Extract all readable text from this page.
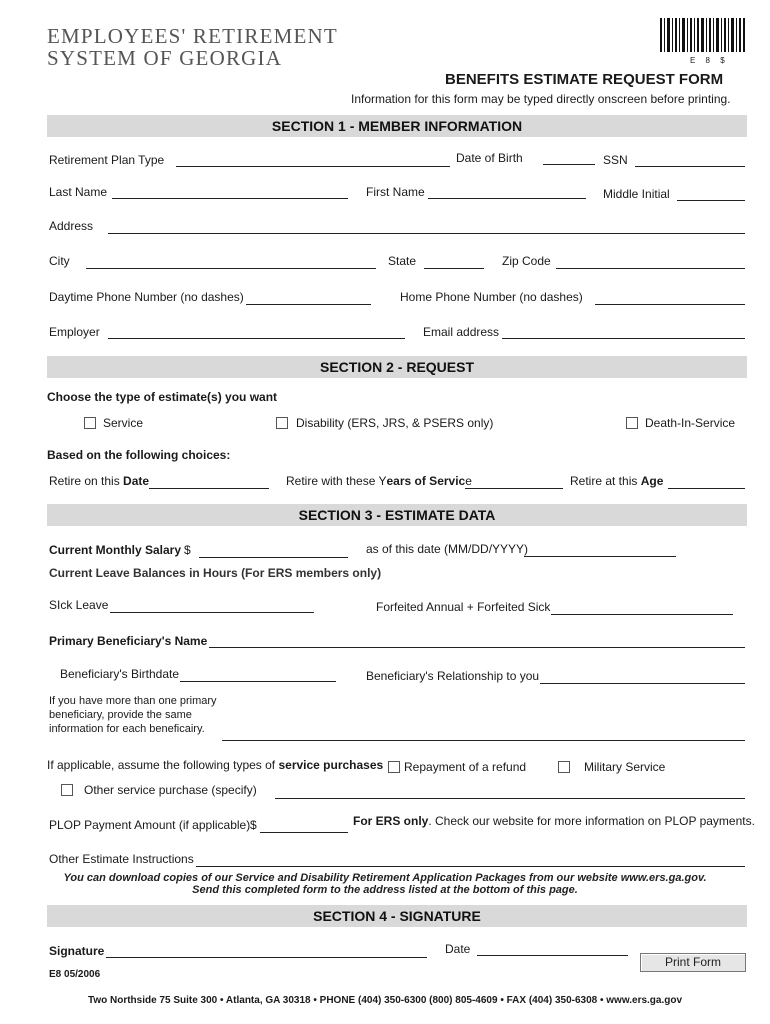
EMPLOYEES' RETIREMENT
SYSTEM OF GEORGIA	E 8 $
BENEFITS ESTIMATE REQUEST FORM
Information for this form may be typed directly onscreen before printing.
SECTION 1 - MEMBER INFORMATION
Retirement Plan Type	Date of Birth	SSN
Last Name	First Name	Middle Initial
Address
City	State	Zip Code
Daytime Phone Number (no dashes)	Home Phone Number (no dashes)
Employer	Email address
SECTION 2 - REQUEST
Choose the type of estimate(s) you want
Service	Disability (ERS, JRS, & PSERS only)	Death-In-Service
Based on the following choices:
Retire on this Date	Retire with these Years of Service	Retire at this Age
SECTION 3 - ESTIMATE DATA
Current Monthly Salary $	as of this date (MM/DD/YYYY)
Current Leave Balances in Hours (For ERS members only)
SIck Leave	Forfeited Annual + Forfeited Sick
Primary Beneficiary's Name
Beneficiary's Birthdate	Beneficiary's Relationship to you
If you have more than one primary
beneficiary, provide the same
information for each beneficairy.
If applicable, assume the following types of service purchases Repayment of a refund	Military Service
Other service purchase (specify)
PLOP Payment Amount (if applicable) $	For ERS only. Check our website for more information on PLOP payments.
Other Estimate Instructions
You can download copies of our Service and Disability Retirement Application Packages from our website www.ers.ga.gov.
Send this completed form to the address listed at the bottom of this page.
SECTION 4 - SIGNATURE
Signature	Date
Print Form
E8 05/2006
Two Northside 75 Suite 300 • Atlanta, GA 30318 • PHONE (404) 350-6300 (800) 805-4609 • FAX (404) 350-6308 • www.ers.ga.gov
